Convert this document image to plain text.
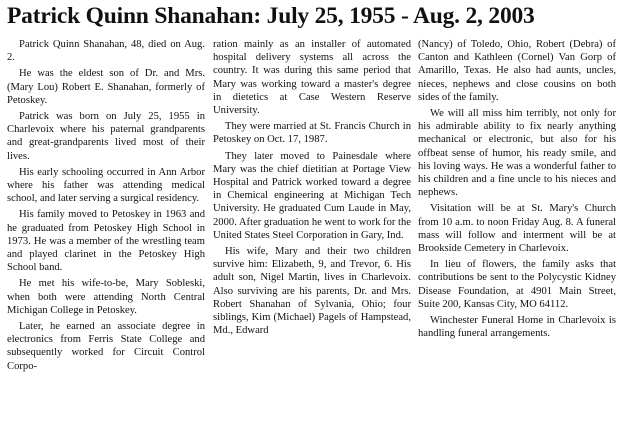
Patrick Quinn Shanahan: July 25, 1955 - Aug. 2, 2003

Patrick Quinn Shanahan, 48, died on Aug. 2.

He was the eldest son of Dr. and Mrs. (Mary Lou) Robert E. Shanahan, formerly of Petoskey.

Patrick was born on July 25, 1955 in Charlevoix where his paternal grandparents and great-grandparents lived most of their lives.

His early schooling occurred in Ann Arbor where his father was attending medical school, and later serving a surgical residency.

His family moved to Petoskey in 1963 and he graduated from Petoskey High School in 1973. He was a member of the wrestling team and played clarinet in the Petoskey High School band.

He met his wife-to-be, Mary Sobleski, when both were attending North Central Michigan College in Petoskey.

Later, he earned an associate degree in electronics from Ferris State College and subsequently worked for Circuit Control Corpo-

ration mainly as an installer of automated hospital delivery systems all across the country. It was during this same period that Mary was working toward a master's degree in dietetics at Case Western Reserve University.

They were married at St. Francis Church in Petoskey on Oct. 17, 1987.

They later moved to Painesdale where Mary was the chief dietitian at Portage View Hospital and Patrick worked toward a degree in Chemical engineering at Michigan Tech University. He graduated Cum Laude in May, 2000. After graduation he went to work for the United States Steel Corporation in Gary, Ind.

His wife, Mary and their two children survive him: Elizabeth, 9, and Trevor, 6. His adult son, Nigel Martin, lives in Charlevoix. Also surviving are his parents, Dr. and Mrs. Robert Shanahan of Sylvania, Ohio; four siblings, Kim (Michael) Pagels of Hampstead, Md., Edward

(Nancy) of Toledo, Ohio, Robert (Debra) of Canton and Kathleen (Cornel) Van Gorp of Amarillo, Texas. He also had aunts, uncles, nieces, nephews and close cousins on both sides of the family.

We will all miss him terribly, not only for his admirable ability to fix nearly anything mechanical or electronic, but also for his offbeat sense of humor, his ready smile, and his loving ways. He was a wonderful father to his children and a fine uncle to his nieces and nephews.

Visitation will be at St. Mary's Church from 10 a.m. to noon Friday Aug. 8. A funeral mass will follow and interment will be at Brookside Cemetery in Charlevoix.

In lieu of flowers, the family asks that contributions be sent to the Polycystic Kidney Disease Foundation, at 4901 Main Street, Suite 200, Kansas City, MO 64112.

Winchester Funeral Home in Charlevoix is handling funeral arrangements.
